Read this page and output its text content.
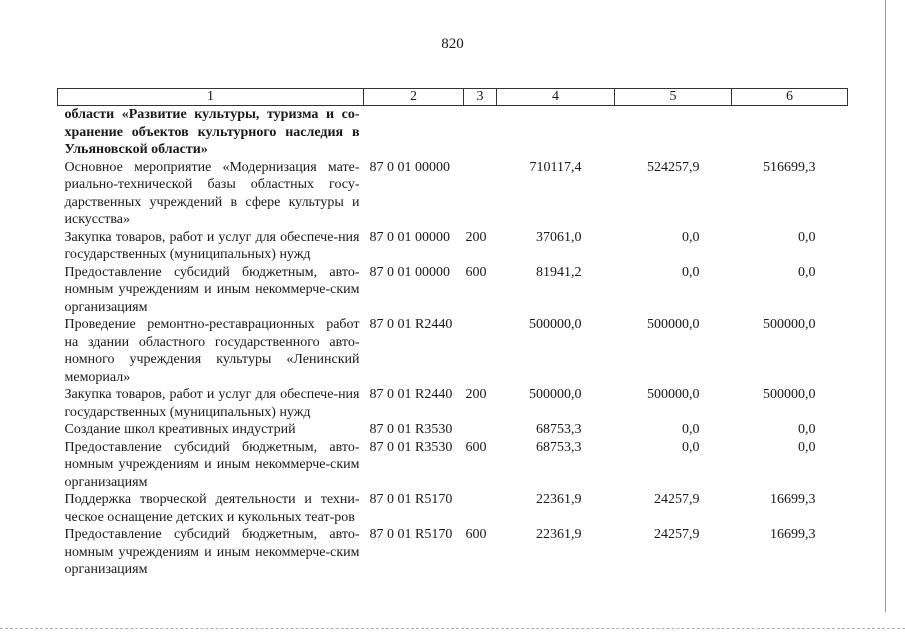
820
1	2	3	4	5	6
области «Развитие культуры, туризма и со-хранение объектов культурного наследия в Ульяновской области»					
Основное мероприятие «Модернизация мате-риально-технической базы областных госу-дарственных учреждений в сфере культуры и искусства»	87 0 01 00000		710117,4	524257,9	516699,3
Закупка товаров, работ и услуг для обеспече-ния государственных (муниципальных) нужд	87 0 01 00000	200	37061,0	0,0	0,0
Предоставление субсидий бюджетным, авто-номным учреждениям и иным некоммерче-ским организациям	87 0 01 00000	600	81941,2	0,0	0,0
Проведение ремонтно-реставрационных работ на здании областного государственного авто-номного учреждения культуры «Ленинский мемориал»	87 0 01 R2440		500000,0	500000,0	500000,0
Закупка товаров, работ и услуг для обеспече-ния государственных (муниципальных) нужд	87 0 01 R2440	200	500000,0	500000,0	500000,0
Создание школ креативных индустрий	87 0 01 R3530		68753,3	0,0	0,0
Предоставление субсидий бюджетным, авто-номным учреждениям и иным некоммерче-ским организациям	87 0 01 R3530	600	68753,3	0,0	0,0
Поддержка творческой деятельности и техни-ческое оснащение детских и кукольных теат-ров	87 0 01 R5170		22361,9	24257,9	16699,3
Предоставление субсидий бюджетным, авто-номным учреждениям и иным некоммерче-ским организациям	87 0 01 R5170	600	22361,9	24257,9	16699,3
